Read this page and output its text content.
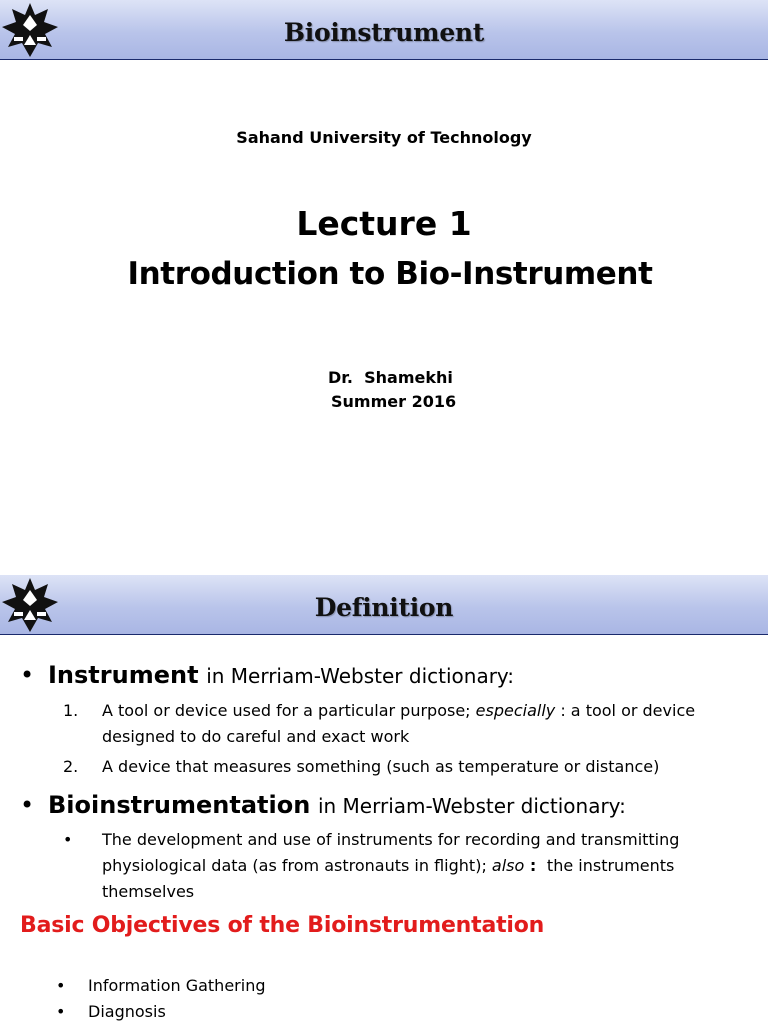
Bioinstrument
Sahand University of Technology
Lecture 1
Introduction to Bio-Instrument
Dr.  Shamekhi
Summer 2016
Definition
• Instrument in Merriam-Webster dictionary:
1. A tool or device used for a particular purpose; especially : a tool or device designed to do careful and exact work
2. A device that measures something (such as temperature or distance)
• Bioinstrumentation in Merriam-Webster dictionary:
• The development and use of instruments for recording and transmitting physiological data (as from astronauts in flight); also :  the instruments themselves
Basic Objectives of the Bioinstrumentation
• Information Gathering
• Diagnosis
